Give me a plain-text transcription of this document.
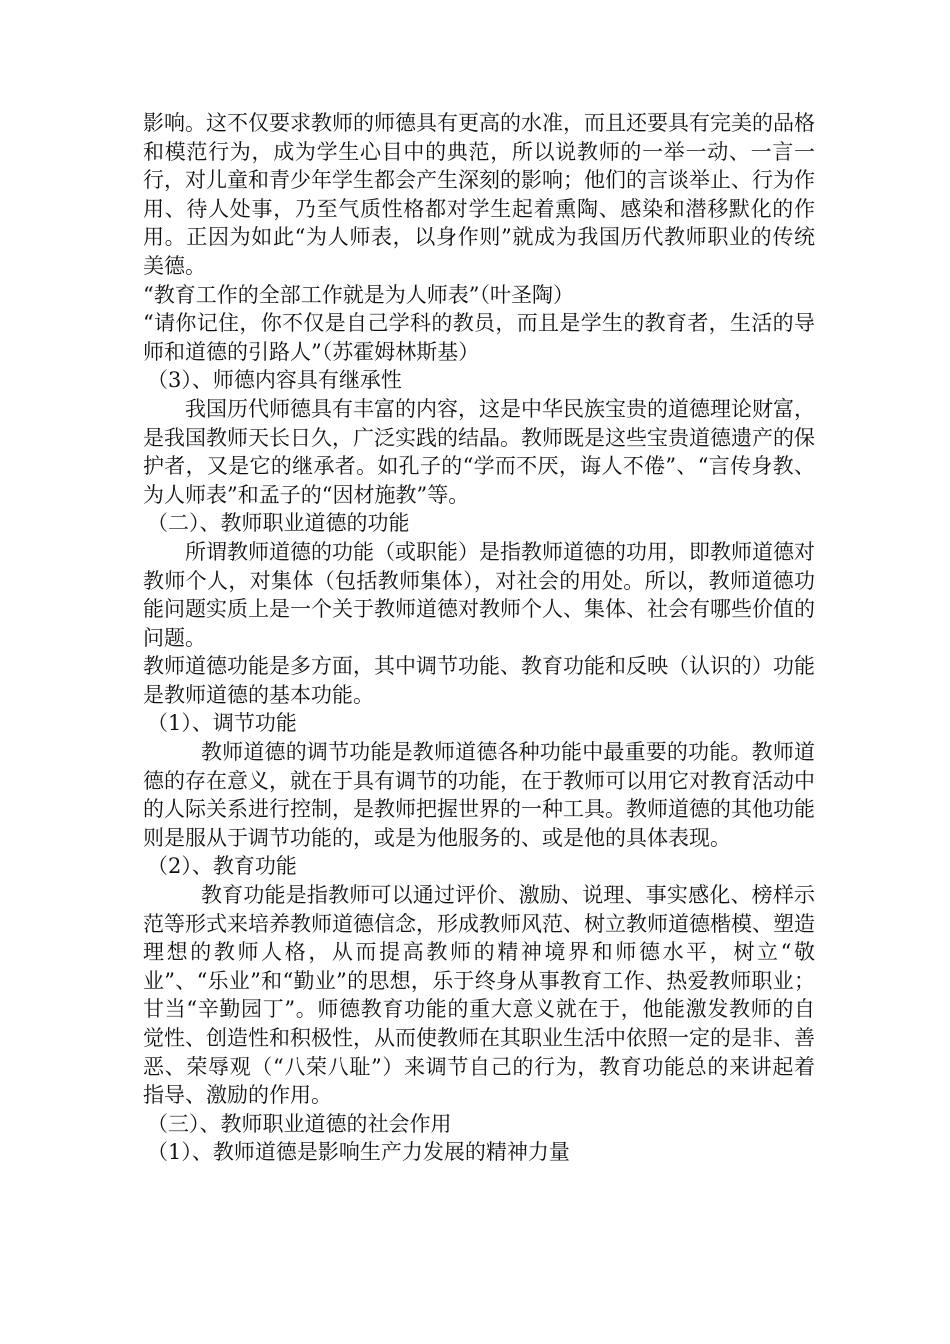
影响。这不仅要求教师的师德具有更高的水准，而且还要具有完美的品格和模范行为，成为学生心目中的典范，所以说教师的一举一动、一言一行，对儿童和青少年学生都会产生深刻的影响；他们的言谈举止、行为作用、待人处事，乃至气质性格都对学生起着熏陶、感染和潜移默化的作用。正因为如此“为人师表，以身作则”就成为我国历代教师职业的传统美德。

“教育工作的全部工作就是为人师表”（叶圣陶）

“请你记住，你不仅是自己学科的教员，而且是学生的教育者，生活的导师和道德的引路人”（苏霍姆林斯基）

（3）、师德内容具有继承性

我国历代师德具有丰富的内容，这是中华民族宝贵的道德理论财富，是我国教师天长日久，广泛实践的结晶。教师既是这些宝贵道德遗产的保护者，又是它的继承者。如孔子的“学而不厌，诲人不倦”、“言传身教、为人师表”和孟子的“因材施教”等。

（二）、教师职业道德的功能

所谓教师道德的功能（或职能）是指教师道德的功用，即教师道德对教师个人，对集体（包括教师集体），对社会的用处。所以，教师道德功能问题实质上是一个关于教师道德对教师个人、集体、社会有哪些价值的问题。

教师道德功能是多方面，其中调节功能、教育功能和反映（认识的）功能是教师道德的基本功能。

（1）、调节功能

教师道德的调节功能是教师道德各种功能中最重要的功能。教师道德的存在意义，就在于具有调节的功能，在于教师可以用它对教育活动中的人际关系进行控制，是教师把握世界的一种工具。教师道德的其他功能则是服从于调节功能的，或是为他服务的、或是他的具体表现。

（2）、教育功能

教育功能是指教师可以通过评价、激励、说理、事实感化、榜样示范等形式来培养教师道德信念，形成教师风范、树立教师道德楷模、塑造理想的教师人格，从而提高教师的精神境界和师德水平，树立“敬业”、“乐业”和“勤业”的思想，乐于终身从事教育工作、热爱教师职业；甘当“辛勤园丁”。师德教育功能的重大意义就在于，他能激发教师的自觉性、创造性和积极性，从而使教师在其职业生活中依照一定的是非、善恶、荣辱观（“八荣八耻”）来调节自己的行为，教育功能总的来讲起着指导、激励的作用。

（三）、教师职业道德的社会作用

（1）、教师道德是影响生产力发展的精神力量
